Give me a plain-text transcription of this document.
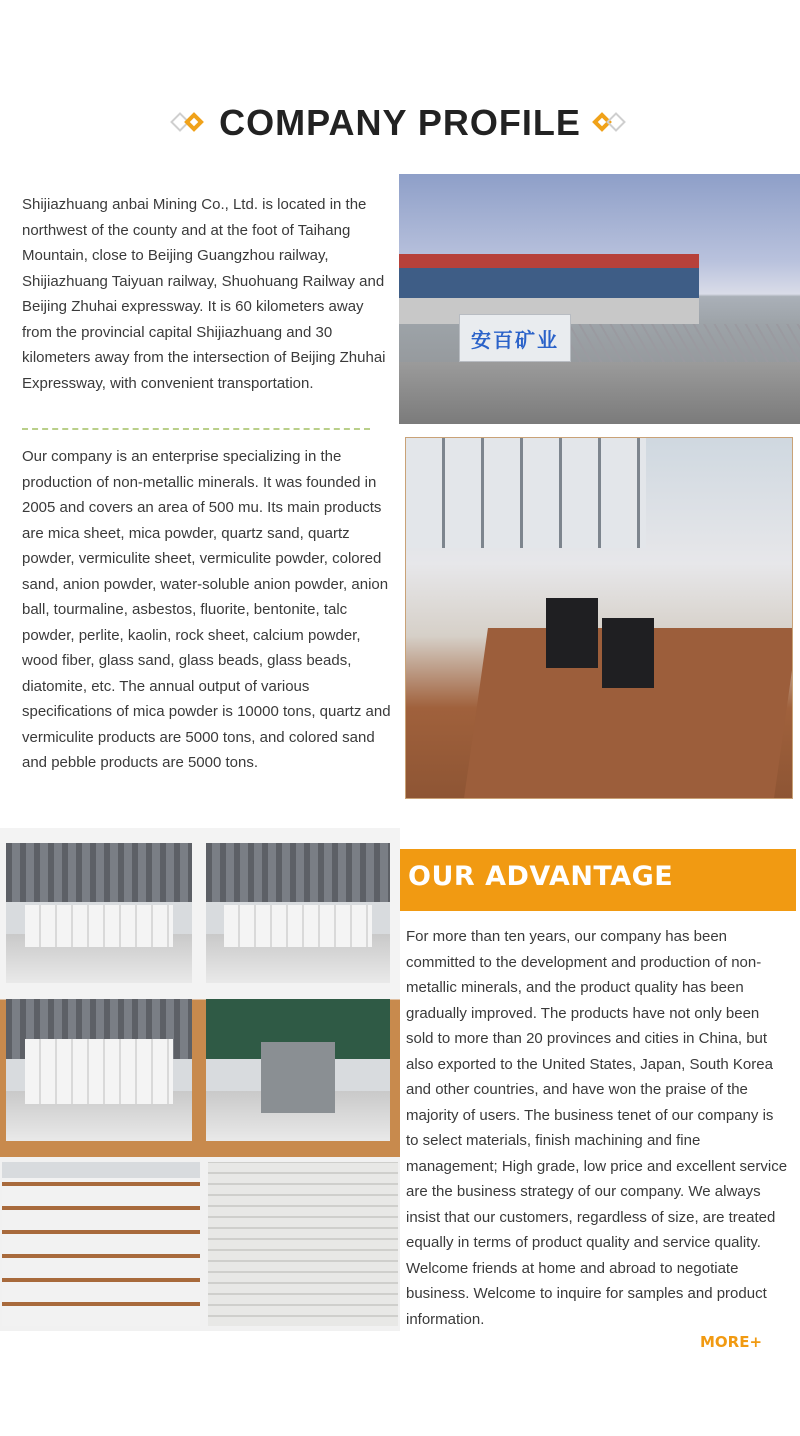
COMPANY PROFILE

Shijiazhuang anbai Mining Co., Ltd. is located in the northwest of the county and at the foot of Taihang Mountain, close to Beijing Guangzhou railway, Shijiazhuang Taiyuan railway, Shuohuang Railway and Beijing Zhuhai expressway. It is 60 kilometers away from the provincial capital Shijiazhuang and 30 kilometers away from the intersection of Beijing Zhuhai Expressway, with convenient transportation.

安百矿业

Our company is an enterprise specializing in the production of non-metallic minerals. It was founded in 2005 and covers an area of 500 mu. Its main products are mica sheet, mica powder, quartz sand, quartz powder, vermiculite sheet, vermiculite powder, colored sand, anion powder, water-soluble anion powder, anion ball, tourmaline, asbestos, fluorite, bentonite, talc powder, perlite, kaolin, rock sheet, calcium powder, wood fiber, glass sand, glass beads, glass beads, diatomite, etc. The annual output of various specifications of mica powder is 10000 tons, quartz and vermiculite products are 5000 tons, and colored sand and pebble products are 5000 tons.

OUR ADVANTAGE

For more than ten years, our company has been committed to the development and production of non-metallic minerals, and the product quality has been gradually improved. The products have not only been sold to more than 20 provinces and cities in China, but also exported to the United States, Japan, South Korea and other countries, and have won the praise of the majority of users. The business tenet of our company is to select materials, finish machining and fine management; High grade, low price and excellent service are the business strategy of our company. We always insist that our customers, regardless of size, are treated equally in terms of product quality and service quality. Welcome friends at home and abroad to negotiate business. Welcome to inquire for samples and product information.

MORE+
